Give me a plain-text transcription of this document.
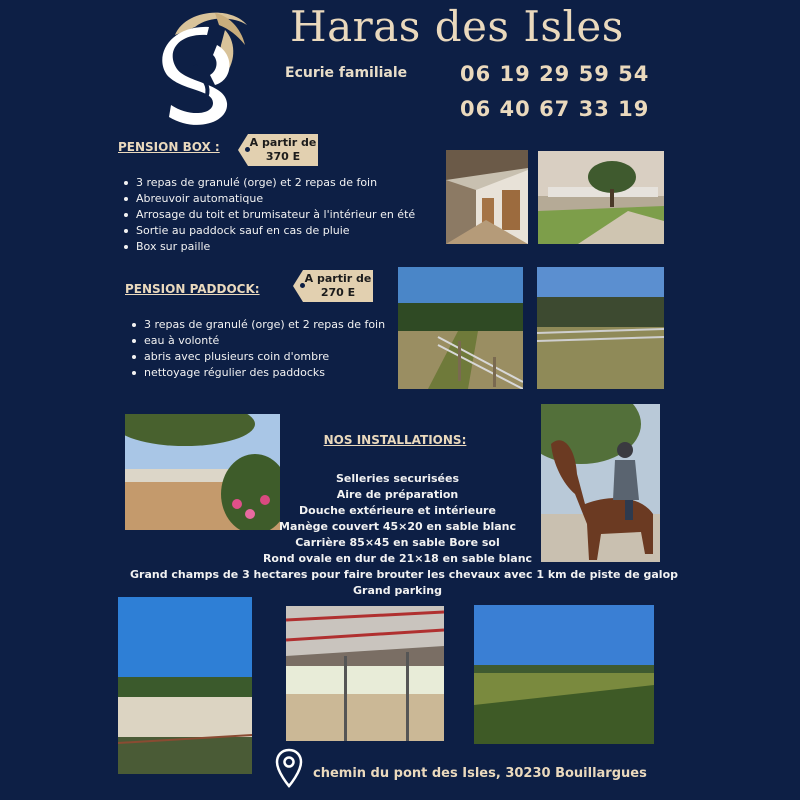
Haras des Isles
Ecurie familiale	06 19 29 59 54
06 40 67 33 19
PENSION BOX :	A partir de
370 E
3 repas de granulé (orge) et 2 repas de foin
Abreuvoir automatique
Arrosage du toit et brumisateur à l'intérieur en été
Sortie au paddock sauf en cas de pluie
Box sur paille
PENSION PADDOCK:
A partir de
270 E
3 repas de granulé (orge) et 2 repas de foin
eau à volonté
abris avec plusieurs coin d'ombre
nettoyage régulier des paddocks
NOS INSTALLATIONS:
Selleries securisées
Aire de préparation
Douche extérieure et intérieure
Manège couvert 45×20 en sable blanc
Carrière 85×45 en sable Bore sol
Rond ovale en dur de 21×18 en sable blanc
Grand champs de 3 hectares pour faire brouter les chevaux avec 1 km de piste de galop
Grand parking
chemin du pont des Isles, 30230 Bouillargues
